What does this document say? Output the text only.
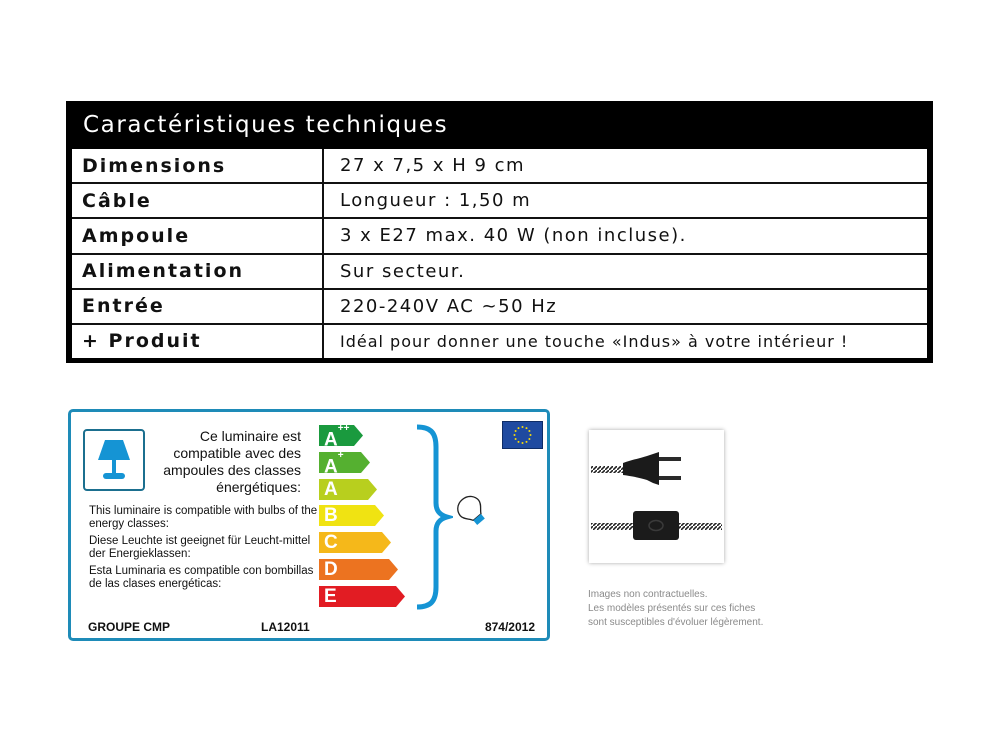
Caractéristiques techniques
Dimensions	27 x 7,5 x H 9 cm
Câble	Longueur : 1,50 m
Ampoule	3 x E27 max. 40 W (non incluse).
Alimentation	Sur secteur.
Entrée	220-240V AC ~50 Hz
+ Produit	Idéal pour donner une touche «Indus» à votre intérieur !
Ce luminaire est compatible avec des ampoules des classes énergétiques:

This luminaire is compatible with bulbs of the energy classes:

Diese Leuchte ist geeignet für Leucht-mittel der Energieklassen:

Esta Luminaria es compatible con bombillas de las clases energéticas:

GROUPE CMP	LA12011	874/2012
A++
A+
A
B
C
D
E	Images non contractuelles.
Les modèles présentés sur ces fiches
sont susceptibles d'évoluer légèrement.
